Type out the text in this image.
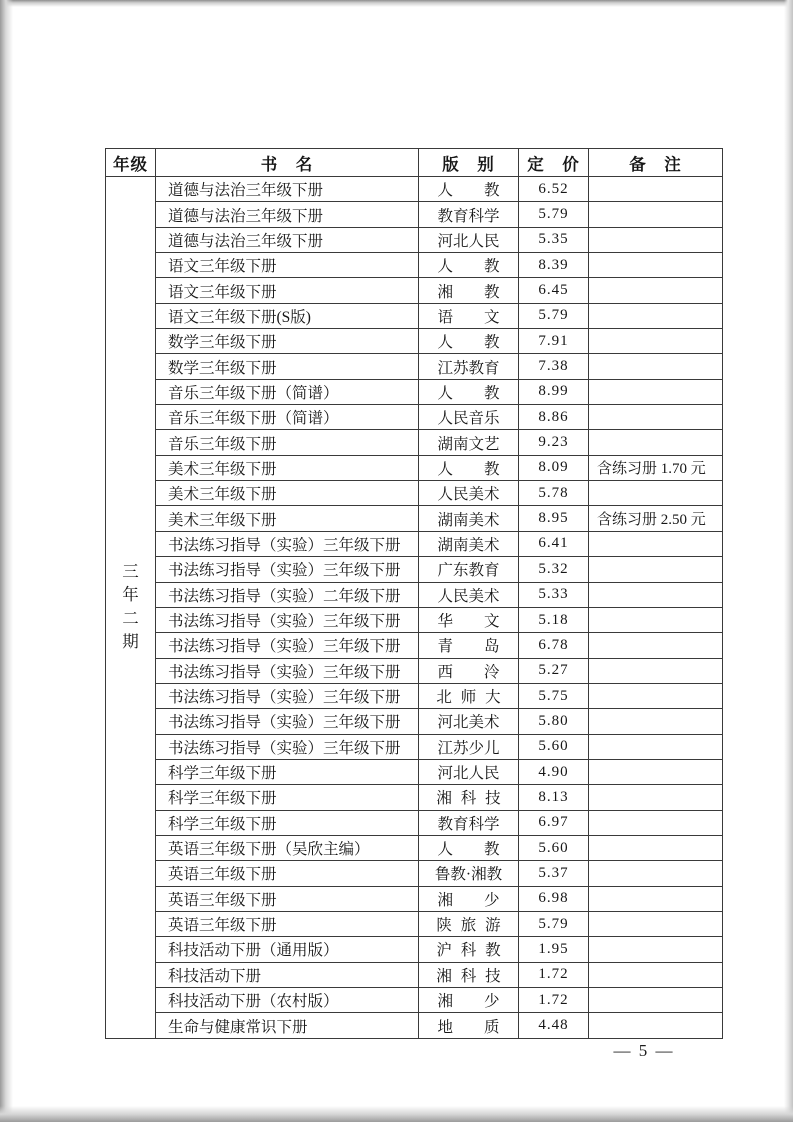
年级	书　名	版　别	定　价	备　注

三
年
二
期	道德与法治三年级下册	人　　教	6.52	
	道德与法治三年级下册	教育科学	5.79	
	道德与法治三年级下册	河北人民	5.35	
	语文三年级下册	人　　教	8.39	
	语文三年级下册	湘　　教	6.45	
	语文三年级下册(S版)	语　　文	5.79	
	数学三年级下册	人　　教	7.91	
	数学三年级下册	江苏教育	7.38	
	音乐三年级下册（简谱）	人　　教	8.99	
	音乐三年级下册（简谱）	人民音乐	8.86	
	音乐三年级下册	湖南文艺	9.23	
	美术三年级下册	人　　教	8.09	含练习册 1.70 元
	美术三年级下册	人民美术	5.78	
	美术三年级下册	湖南美术	8.95	含练习册 2.50 元
	书法练习指导（实验）三年级下册	湖南美术	6.41	
	书法练习指导（实验）三年级下册	广东教育	5.32	
	书法练习指导（实验）二年级下册	人民美术	5.33	
	书法练习指导（实验）三年级下册	华　　文	5.18	
	书法练习指导（实验）三年级下册	青　　岛	6.78	
	书法练习指导（实验）三年级下册	西　　泠	5.27	
	书法练习指导（实验）三年级下册	北 师 大	5.75	
	书法练习指导（实验）三年级下册	河北美术	5.80	
	书法练习指导（实验）三年级下册	江苏少儿	5.60	
	科学三年级下册	河北人民	4.90	
	科学三年级下册	湘 科 技	8.13	
	科学三年级下册	教育科学	6.97	
	英语三年级下册（吴欣主编）	人　　教	5.60	
	英语三年级下册	鲁教·湘教	5.37	
	英语三年级下册	湘　　少	6.98	
	英语三年级下册	陕 旅 游	5.79	
	科技活动下册（通用版）	沪 科 教	1.95	
	科技活动下册	湘 科 技	1.72	
	科技活动下册（农村版）	湘　　少	1.72	
	生命与健康常识下册	地　　质	4.48	
— 5 —
